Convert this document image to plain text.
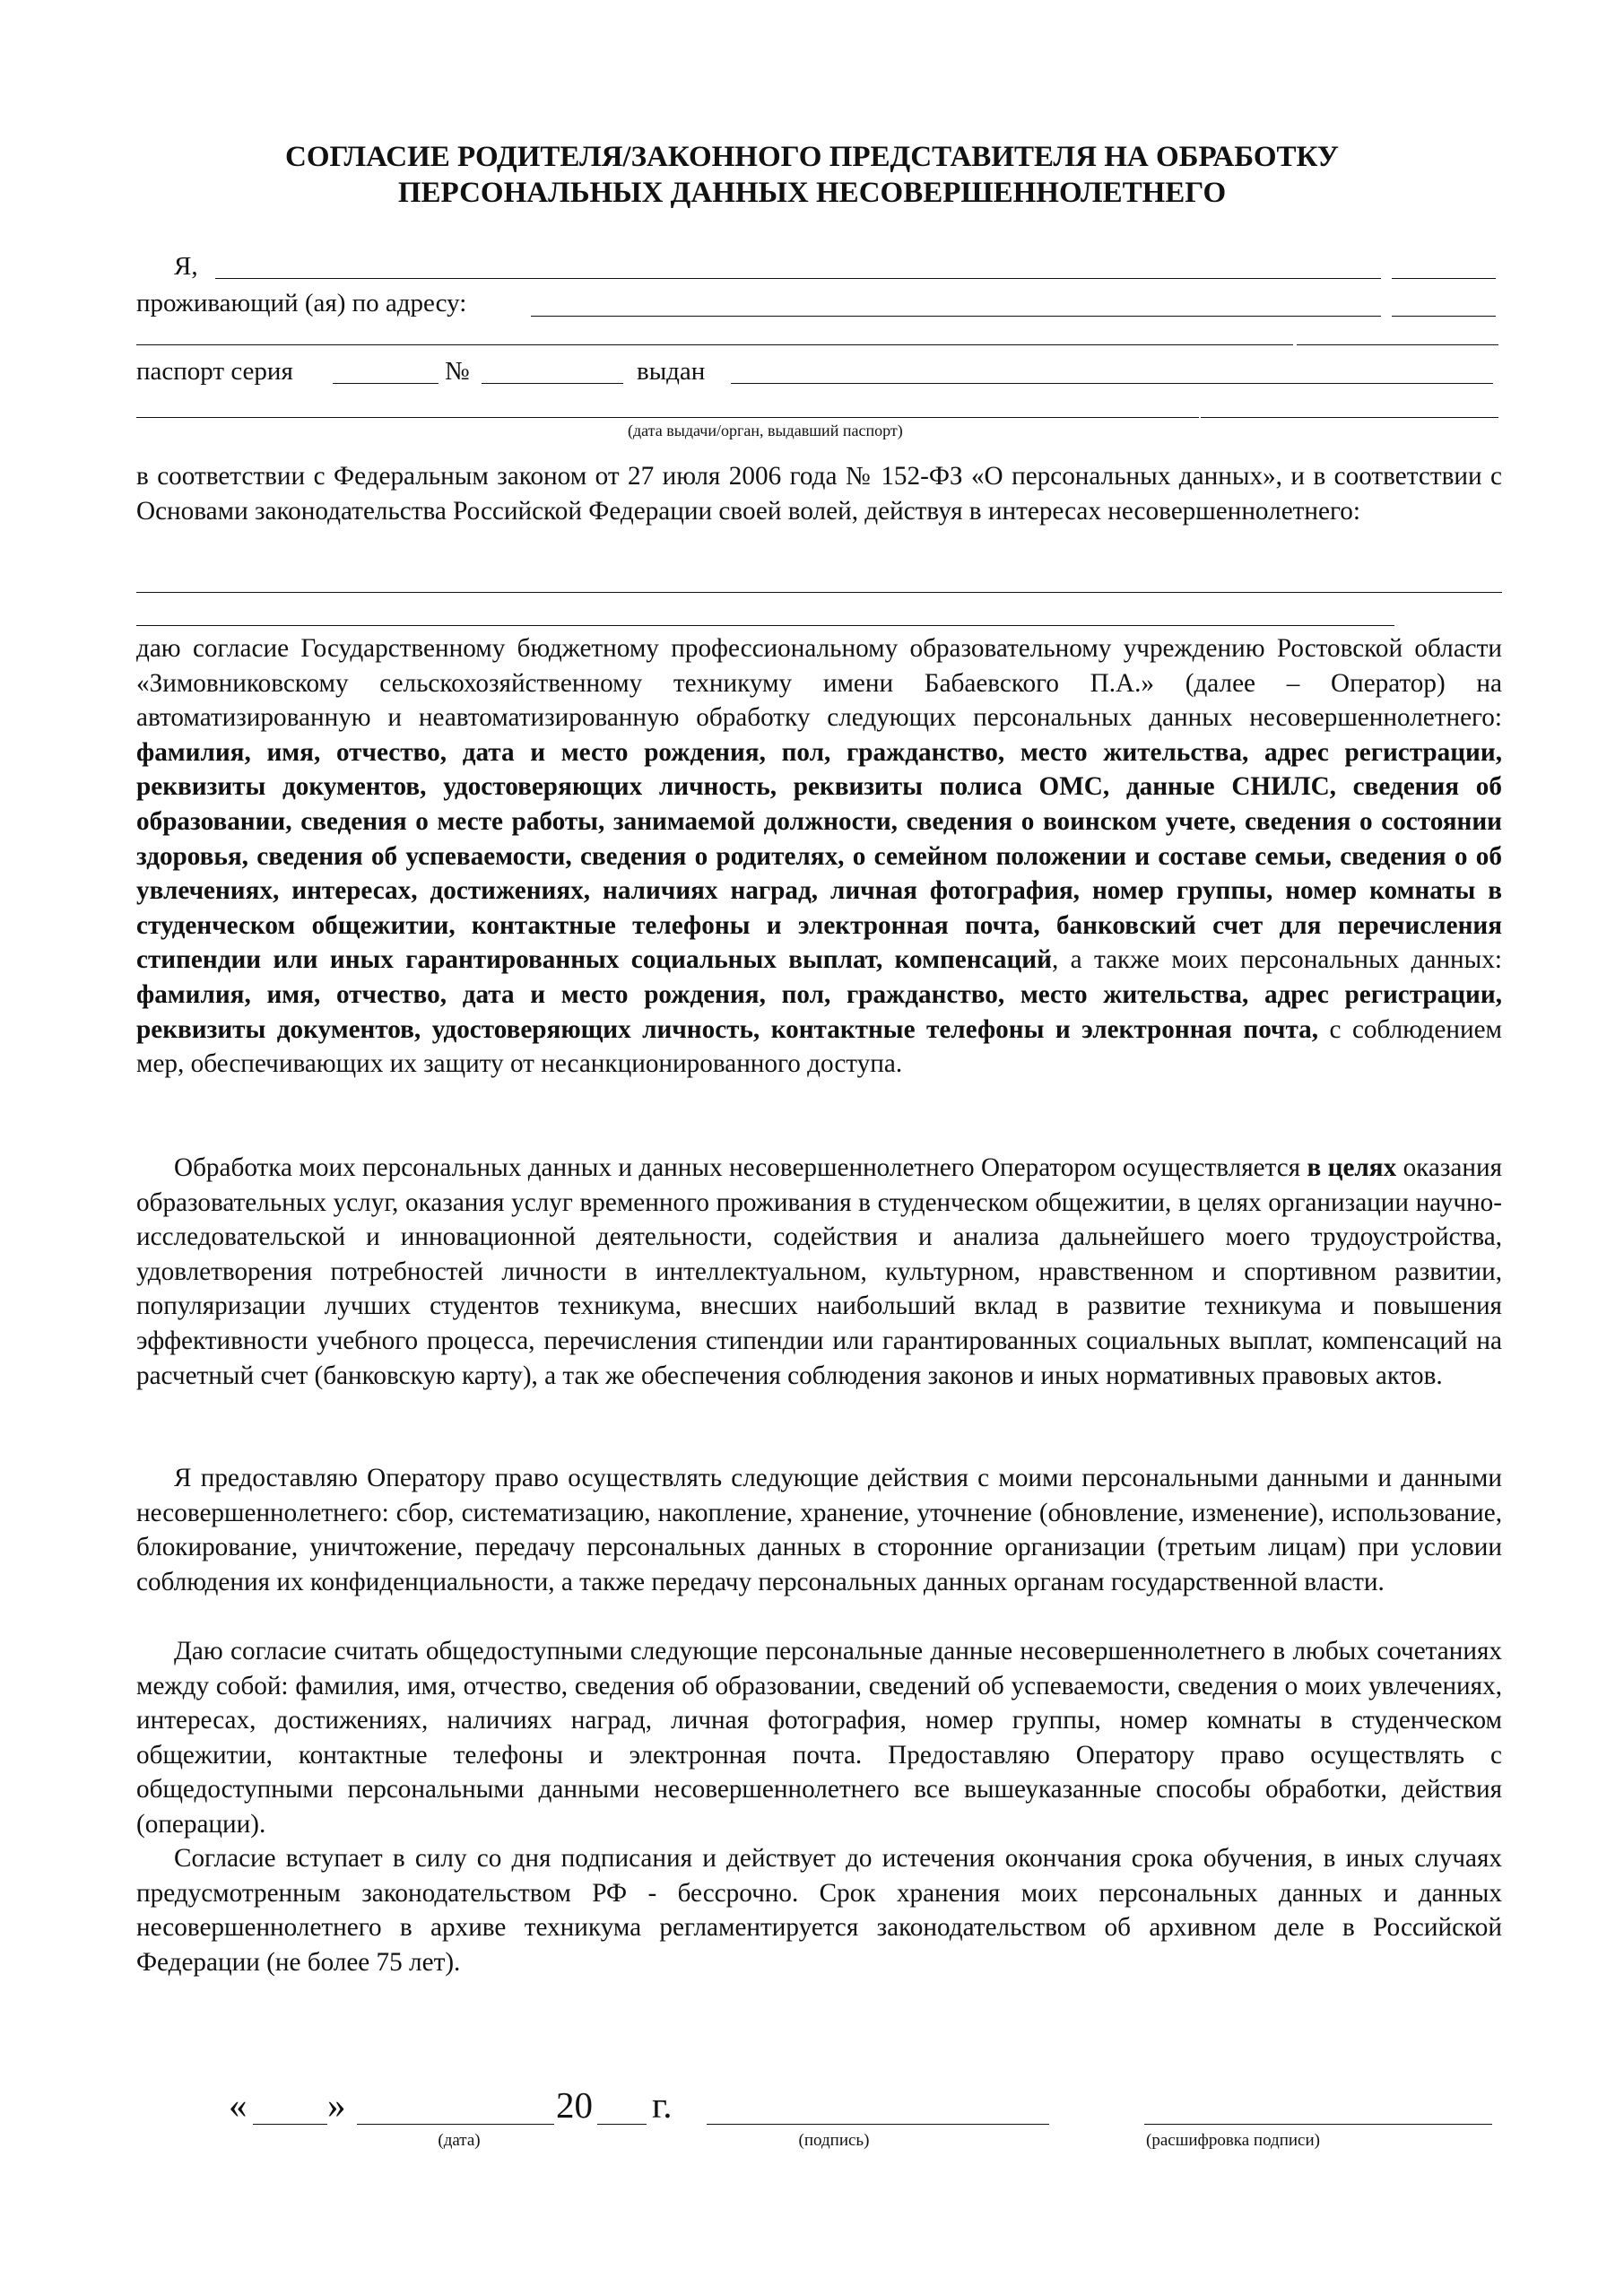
СОГЛАСИЕ РОДИТЕЛЯ/ЗАКОННОГО ПРЕДСТАВИТЕЛЯ НА ОБРАБОТКУ
ПЕРСОНАЛЬНЫХ ДАННЫХ НЕСОВЕРШЕННОЛЕТНЕГО
Я,
проживающий (ая) по адресу:
паспорт серия	№	выдан
(дата выдачи/орган, выдавший паспорт)

в соответствии с Федеральным законом от 27 июля 2006 года № 152-ФЗ «О персональных данных», и в соответствии с Основами законодательства Российской Федерации своей волей, действуя в интересах несовершеннолетнего:

даю согласие Государственному бюджетному профессиональному образовательному учреждению Ростовской области «Зимовниковскому сельскохозяйственному техникуму имени Бабаевского П.А.» (далее – Оператор) на автоматизированную и неавтоматизированную обработку следующих персональных данных несовершеннолетнего: фамилия, имя, отчество, дата и место рождения, пол, гражданство, место жительства, адрес регистрации, реквизиты документов, удостоверяющих личность, реквизиты полиса ОМС, данные СНИЛС, сведения об образовании, сведения о месте работы, занимаемой должности, сведения о воинском учете, сведения о состоянии здоровья, сведения об успеваемости, сведения о родителях, о семейном положении и составе семьи, сведения о об увлечениях, интересах, достижениях, наличиях наград, личная фотография, номер группы, номер комнаты в студенческом общежитии, контактные телефоны и электронная почта, банковский счет для перечисления стипендии или иных гарантированных социальных выплат, компенсаций, а также моих персональных данных: фамилия, имя, отчество, дата и место рождения, пол, гражданство, место жительства, адрес регистрации, реквизиты документов, удостоверяющих личность, контактные телефоны и электронная почта, с соблюдением мер, обеспечивающих их защиту от несанкционированного доступа.

Обработка моих персональных данных и данных несовершеннолетнего Оператором осуществляется в целях оказания образовательных услуг, оказания услуг временного проживания в студенческом общежитии, в целях организации научно-исследовательской и инновационной деятельности, содействия и анализа дальнейшего моего трудоустройства, удовлетворения потребностей личности в интеллектуальном, культурном, нравственном и спортивном развитии, популяризации лучших студентов техникума, внесших наибольший вклад в развитие техникума и повышения эффективности учебного процесса, перечисления стипендии или гарантированных социальных выплат, компенсаций на расчетный счет (банковскую карту), а так же обеспечения соблюдения законов и иных нормативных правовых актов.

Я предоставляю Оператору право осуществлять следующие действия с моими персональными данными и данными несовершеннолетнего: сбор, систематизацию, накопление, хранение, уточнение (обновление, изменение), использование, блокирование, уничтожение, передачу персональных данных в сторонние организации (третьим лицам) при условии соблюдения их конфиденциальности, а также передачу персональных данных органам государственной власти.

Даю согласие считать общедоступными следующие персональные данные несовершеннолетнего в любых сочетаниях между собой: фамилия, имя, отчество, сведения об образовании, сведений об успеваемости, сведения о моих увлечениях, интересах, достижениях, наличиях наград, личная фотография, номер группы, номер комнаты в студенческом общежитии, контактные телефоны и электронная почта. Предоставляю Оператору право осуществлять с общедоступными персональными данными несовершеннолетнего все вышеуказанные способы обработки, действия (операции).

Согласие вступает в силу со дня подписания и действует до истечения окончания срока обучения, в иных случаях предусмотренным законодательством РФ - бессрочно. Срок хранения моих персональных данных и данных несовершеннолетнего в архиве техникума регламентируется законодательством об архивном деле в Российской Федерации (не более 75 лет).

« »	20 г.
(дата)	(подпись)	(расшифровка подписи)
